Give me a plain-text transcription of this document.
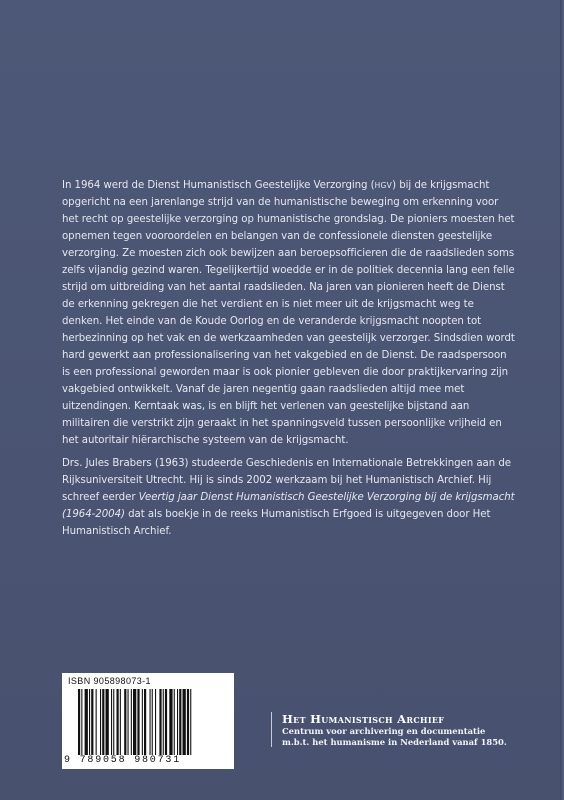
In 1964 werd de Dienst Humanistisch Geestelijke Verzorging (HGV) bij de krijgsmacht opgericht na een jarenlange strijd van de humanistische beweging om erkenning voor het recht op geestelijke verzorging op humanistische grondslag. De pioniers moesten het opnemen tegen vooroordelen en belangen van de confessionele diensten geestelijke verzorging. Ze moesten zich ook bewijzen aan beroepsofficieren die de raadslieden soms zelfs vijandig gezind waren. Tegelijkertijd woedde er in de politiek decennia lang een felle strijd om uitbreiding van het aantal raadslieden. Na jaren van pionieren heeft de Dienst de erkenning gekregen die het verdient en is niet meer uit de krijgsmacht weg te denken. Het einde van de Koude Oorlog en de veranderde krijgsmacht noopten tot herbezinning op het vak en de werkzaamheden van geestelijk verzorger. Sindsdien wordt hard gewerkt aan professionalisering van het vakgebied en de Dienst. De raadspersoon is een professional geworden maar is ook pionier gebleven die door praktijkervaring zijn vakgebied ontwikkelt. Vanaf de jaren negentig gaan raadslieden altijd mee met uitzendingen. Kerntaak was, is en blijft het verlenen van geestelijke bijstand aan militairen die verstrikt zijn geraakt in het spanningsveld tussen persoonlijke vrijheid en het autoritair hiërarchische systeem van de krijgsmacht.

Drs. Jules Brabers (1963) studeerde Geschiedenis en Internationale Betrekkingen aan de Rijksuniversiteit Utrecht. Hij is sinds 2002 werkzaam bij het Humanistisch Archief. Hij schreef eerder Veertig jaar Dienst Humanistisch Geestelijke Verzorging bij de krijgsmacht (1964-2004) dat als boekje in de reeks Humanistisch Erfgoed is uitgegeven door Het Humanistisch Archief.

ISBN 905898073-1
9 789058 980731
Het Humanistisch Archief
Centrum voor archivering en documentatie
m.b.t. het humanisme in Nederland vanaf 1850.
